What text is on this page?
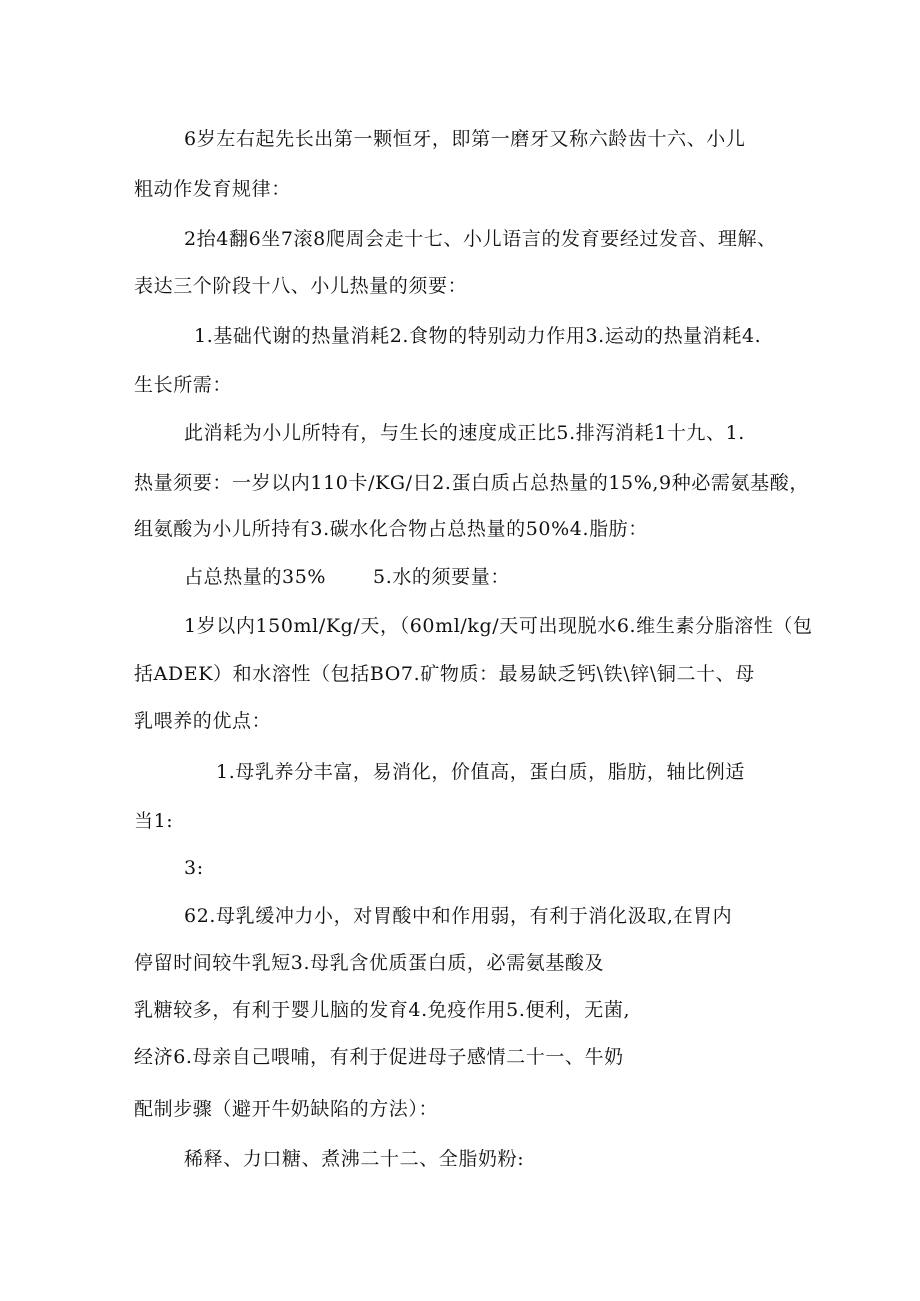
6岁左右起先长出第一颗恒牙，即第一磨牙又称六龄齿十六、小儿
粗动作发育规律：
2抬4翻6坐7滚8爬周会走十七、小儿语言的发育要经过发音、理解、
表达三个阶段十八、小儿热量的须要：
1.基础代谢的热量消耗2.食物的特别动力作用3.运动的热量消耗4.
生长所需：
此消耗为小儿所特有，与生长的速度成正比5.排泻消耗1十九、1.
热量须要：一岁以内110卡/KG/日2.蛋白质占总热量的15%,9种必需氨基酸，
组氨酸为小儿所持有3.碳水化合物占总热量的50%4.脂肪：
占总热量的35% 5.水的须要量：
1岁以内150ml/Kg/天，（60ml/kg/天可出现脱水6.维生素分脂溶性（包
括ADEK）和水溶性（包括BO7.矿物质：最易缺乏钙\铁\锌\铜二十、母
乳喂养的优点：
1.母乳养分丰富，易消化，价值高，蛋白质，脂肪，轴比例适
当1:
3:
62.母乳缓冲力小，对胃酸中和作用弱，有利于消化汲取,在胃内
停留时间较牛乳短3.母乳含优质蛋白质，必需氨基酸及
乳糖较多，有利于婴儿脑的发育4.免疫作用5.便利，无菌,
经济6.母亲自己喂哺，有利于促进母子感情二十一、牛奶
配制步骤（避开牛奶缺陷的方法）：
稀释、力口糖、煮沸二十二、全脂奶粉:
